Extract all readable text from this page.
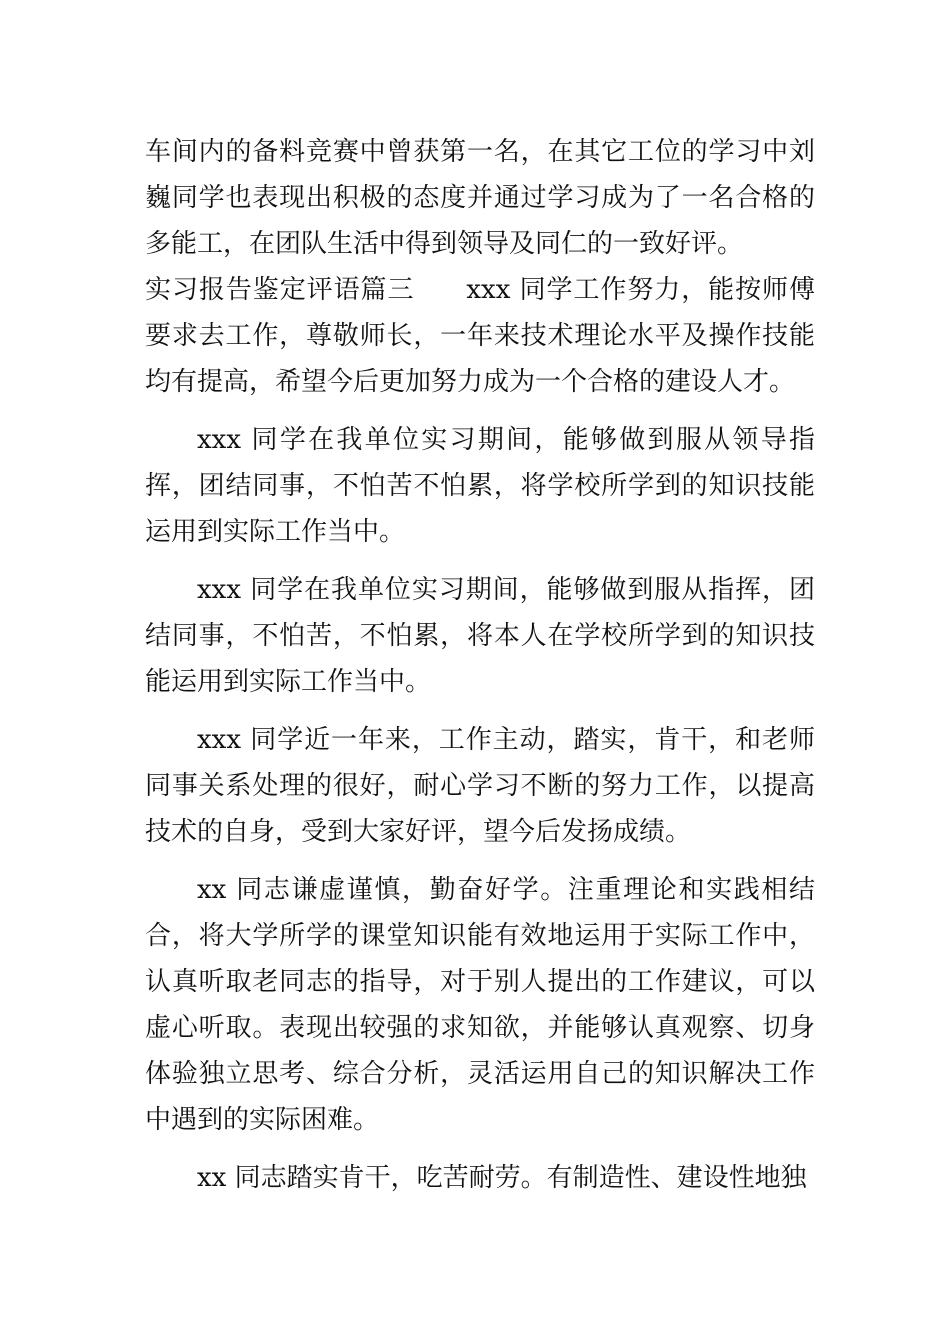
车间内的备料竞赛中曾获第一名，在其它工位的学习中刘巍同学也表现出积极的态度并通过学习成为了一名合格的多能工，在团队生活中得到领导及同仁的一致好评。

实习报告鉴定评语篇三 xxx 同学工作努力，能按师傅要求去工作，尊敬师长，一年来技术理论水平及操作技能均有提高，希望今后更加努力成为一个合格的建设人才。

xxx 同学在我单位实习期间，能够做到服从领导指挥，团结同事，不怕苦不怕累，将学校所学到的知识技能运用到实际工作当中。

xxx 同学在我单位实习期间，能够做到服从指挥，团结同事，不怕苦，不怕累，将本人在学校所学到的知识技能运用到实际工作当中。

xxx 同学近一年来，工作主动，踏实，肯干，和老师同事关系处理的很好，耐心学习不断的努力工作，以提高技术的自身，受到大家好评，望今后发扬成绩。

xx 同志谦虚谨慎，勤奋好学。注重理论和实践相结合，将大学所学的课堂知识能有效地运用于实际工作中，认真听取老同志的指导，对于别人提出的工作建议，可以虚心听取。表现出较强的求知欲，并能够认真观察、切身体验独立思考、综合分析，灵活运用自己的知识解决工作中遇到的实际困难。

xx 同志踏实肯干，吃苦耐劳。有制造性、建设性地独
